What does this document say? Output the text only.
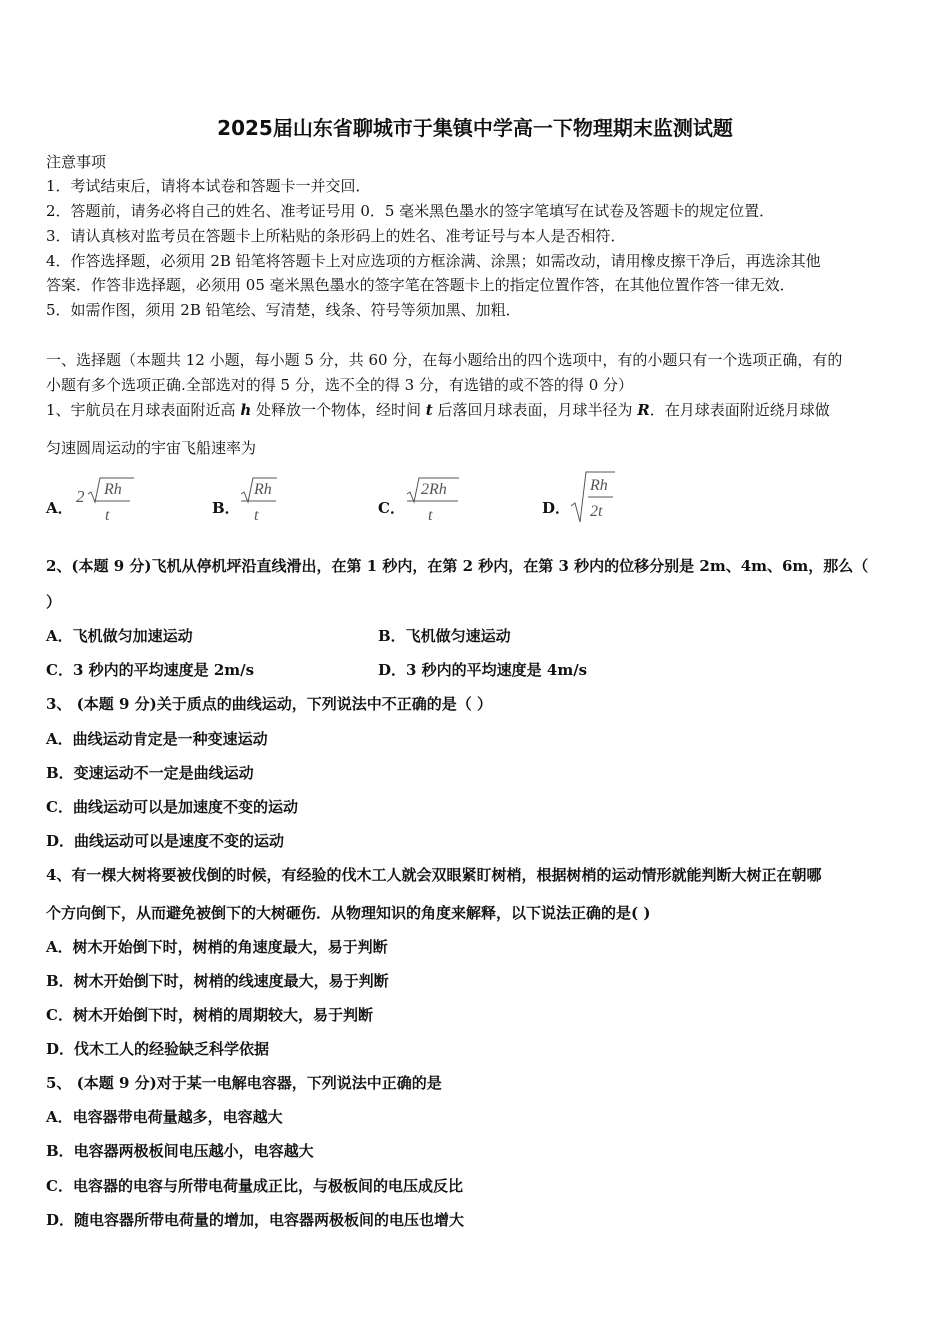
2025届山东省聊城市于集镇中学高一下物理期末监测试题
注意事项
1．考试结束后，请将本试卷和答题卡一并交回．
2．答题前，请务必将自己的姓名、准考证号用 0．5 毫米黑色墨水的签字笔填写在试卷及答题卡的规定位置．
3．请认真核对监考员在答题卡上所粘贴的条形码上的姓名、准考证号与本人是否相符．
4．作答选择题，必须用 2B 铅笔将答题卡上对应选项的方框涂满、涂黑；如需改动，请用橡皮擦干净后，再选涂其他
答案．作答非选择题，必须用 05 毫米黑色墨水的签字笔在答题卡上的指定位置作答，在其他位置作答一律无效．
5．如需作图，须用 2B 铅笔绘、写清楚，线条、符号等须加黑、加粗．
一、选择题（本题共 12 小题，每小题 5 分，共 60 分，在每小题给出的四个选项中，有的小题只有一个选项正确，有的
小题有多个选项正确.全部选对的得 5 分，选不全的得 3 分，有选错的或不答的得 0 分）
1、宇航员在月球表面附近高 h 处释放一个物体，经时间 t 后落回月球表面，月球半径为 R．在月球表面附近绕月球做
匀速圆周运动的宇宙飞船速率为
A．
2 Rh
t	B．
Rh
t	C．
2Rh
t	D．
Rh
2t
2、(本题 9 分)飞机从停机坪沿直线滑出，在第 1 秒内，在第 2 秒内，在第 3 秒内的位移分别是 2m、4m、6m，那么（
）
A．飞机做匀加速运动	B．飞机做匀速运动
C．3 秒内的平均速度是 2m/s	D．3 秒内的平均速度是 4m/s
3、 (本题 9 分)关于质点的曲线运动，下列说法中不正确的是（ ）
A．曲线运动肯定是一种变速运动
B．变速运动不一定是曲线运动
C．曲线运动可以是加速度不变的运动
D．曲线运动可以是速度不变的运动
4、有一棵大树将要被伐倒的时候，有经验的伐木工人就会双眼紧盯树梢，根据树梢的运动情形就能判断大树正在朝哪
个方向倒下，从而避免被倒下的大树砸伤．从物理知识的角度来解释，以下说法正确的是( )
A．树木开始倒下时，树梢的角速度最大，易于判断
B．树木开始倒下时，树梢的线速度最大，易于判断
C．树木开始倒下时，树梢的周期较大，易于判断
D．伐木工人的经验缺乏科学依据
5、 (本题 9 分)对于某一电解电容器，下列说法中正确的是
A．电容器带电荷量越多，电容越大
B．电容器两极板间电压越小，电容越大
C．电容器的电容与所带电荷量成正比，与极板间的电压成反比
D．随电容器所带电荷量的增加，电容器两极板间的电压也增大
